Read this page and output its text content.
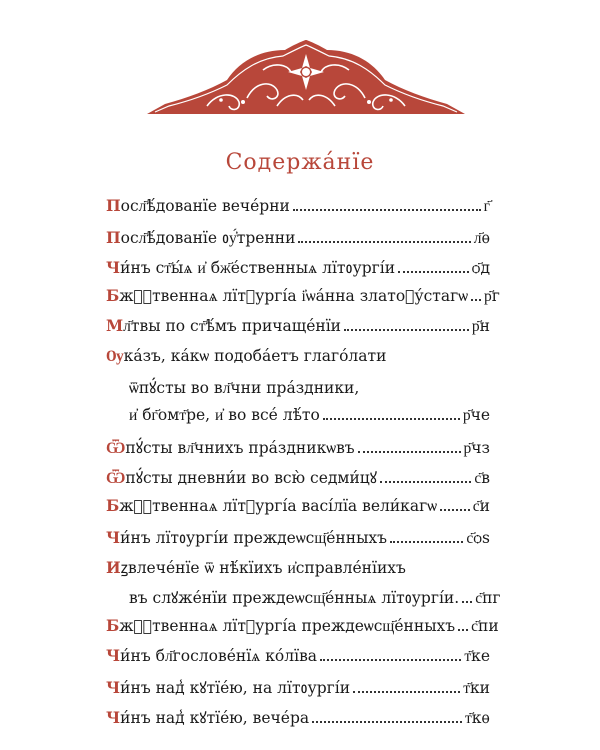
Содержа́нїе
Посл҃ѣ́дованїе вече́рни	г҃
Посл҃ѣ́дованїе ᲂу҆́тренни	л҃ѳ
Чи́нъ ст҃ы́ѧ и҆ бж҃е́ственныѧ лїтᲂургі́и	ѻ҃д
Бжⷭ҇твеннаѧ лїтᲂургі́а і҆ѡа́нна златоᲂу́стагѡ р҃г
Мл҃твы по ст҃ѣ́мъ причаще́нїи	р҃н
Ѹка́зъ, ка́кѡ подоба́етъ глаго́лати
ѿпꙋ́сты во вл҃чни пра́здники,
и҆ бг҃омт҃ре, и҆ во все́ лѣ́то	р҃че
Ѿпꙋ́сты вл҃чнихъ пра́здникѡвъ	р҃чз
Ѿпꙋ́сты дневни́и во всю̀ седми́цꙋ	с҃в
Бжⷭ҇твеннаѧ лїтᲂургі́а васі́лїа вели́кагѡ с҃и
Чи́нъ лїтᲂургі́и преждеѡсщ҃е́нныхъ	с҃ѻѕ
Иꙁвлече́нїе ѿ нѣ́кїихъ и҆справле́нїихъ
въ слꙋже́нїи преждеѡсщ҃е́нныѧ лїтᲂургі́и. с҃пг
Бжⷭ҇твеннаѧ лїтᲂургі́а преждеѡсщ҃е́нныхъ с҃пи
Чи́нъ бл҃гослове́нїѧ ко́лїва	т҃ке
Чи́нъ над̾ кꙋтїе́ю, на лїтᲂургі́и	т҃ки
Чи́нъ над̾ кꙋтїе́ю, вече́ра	т҃кѳ
